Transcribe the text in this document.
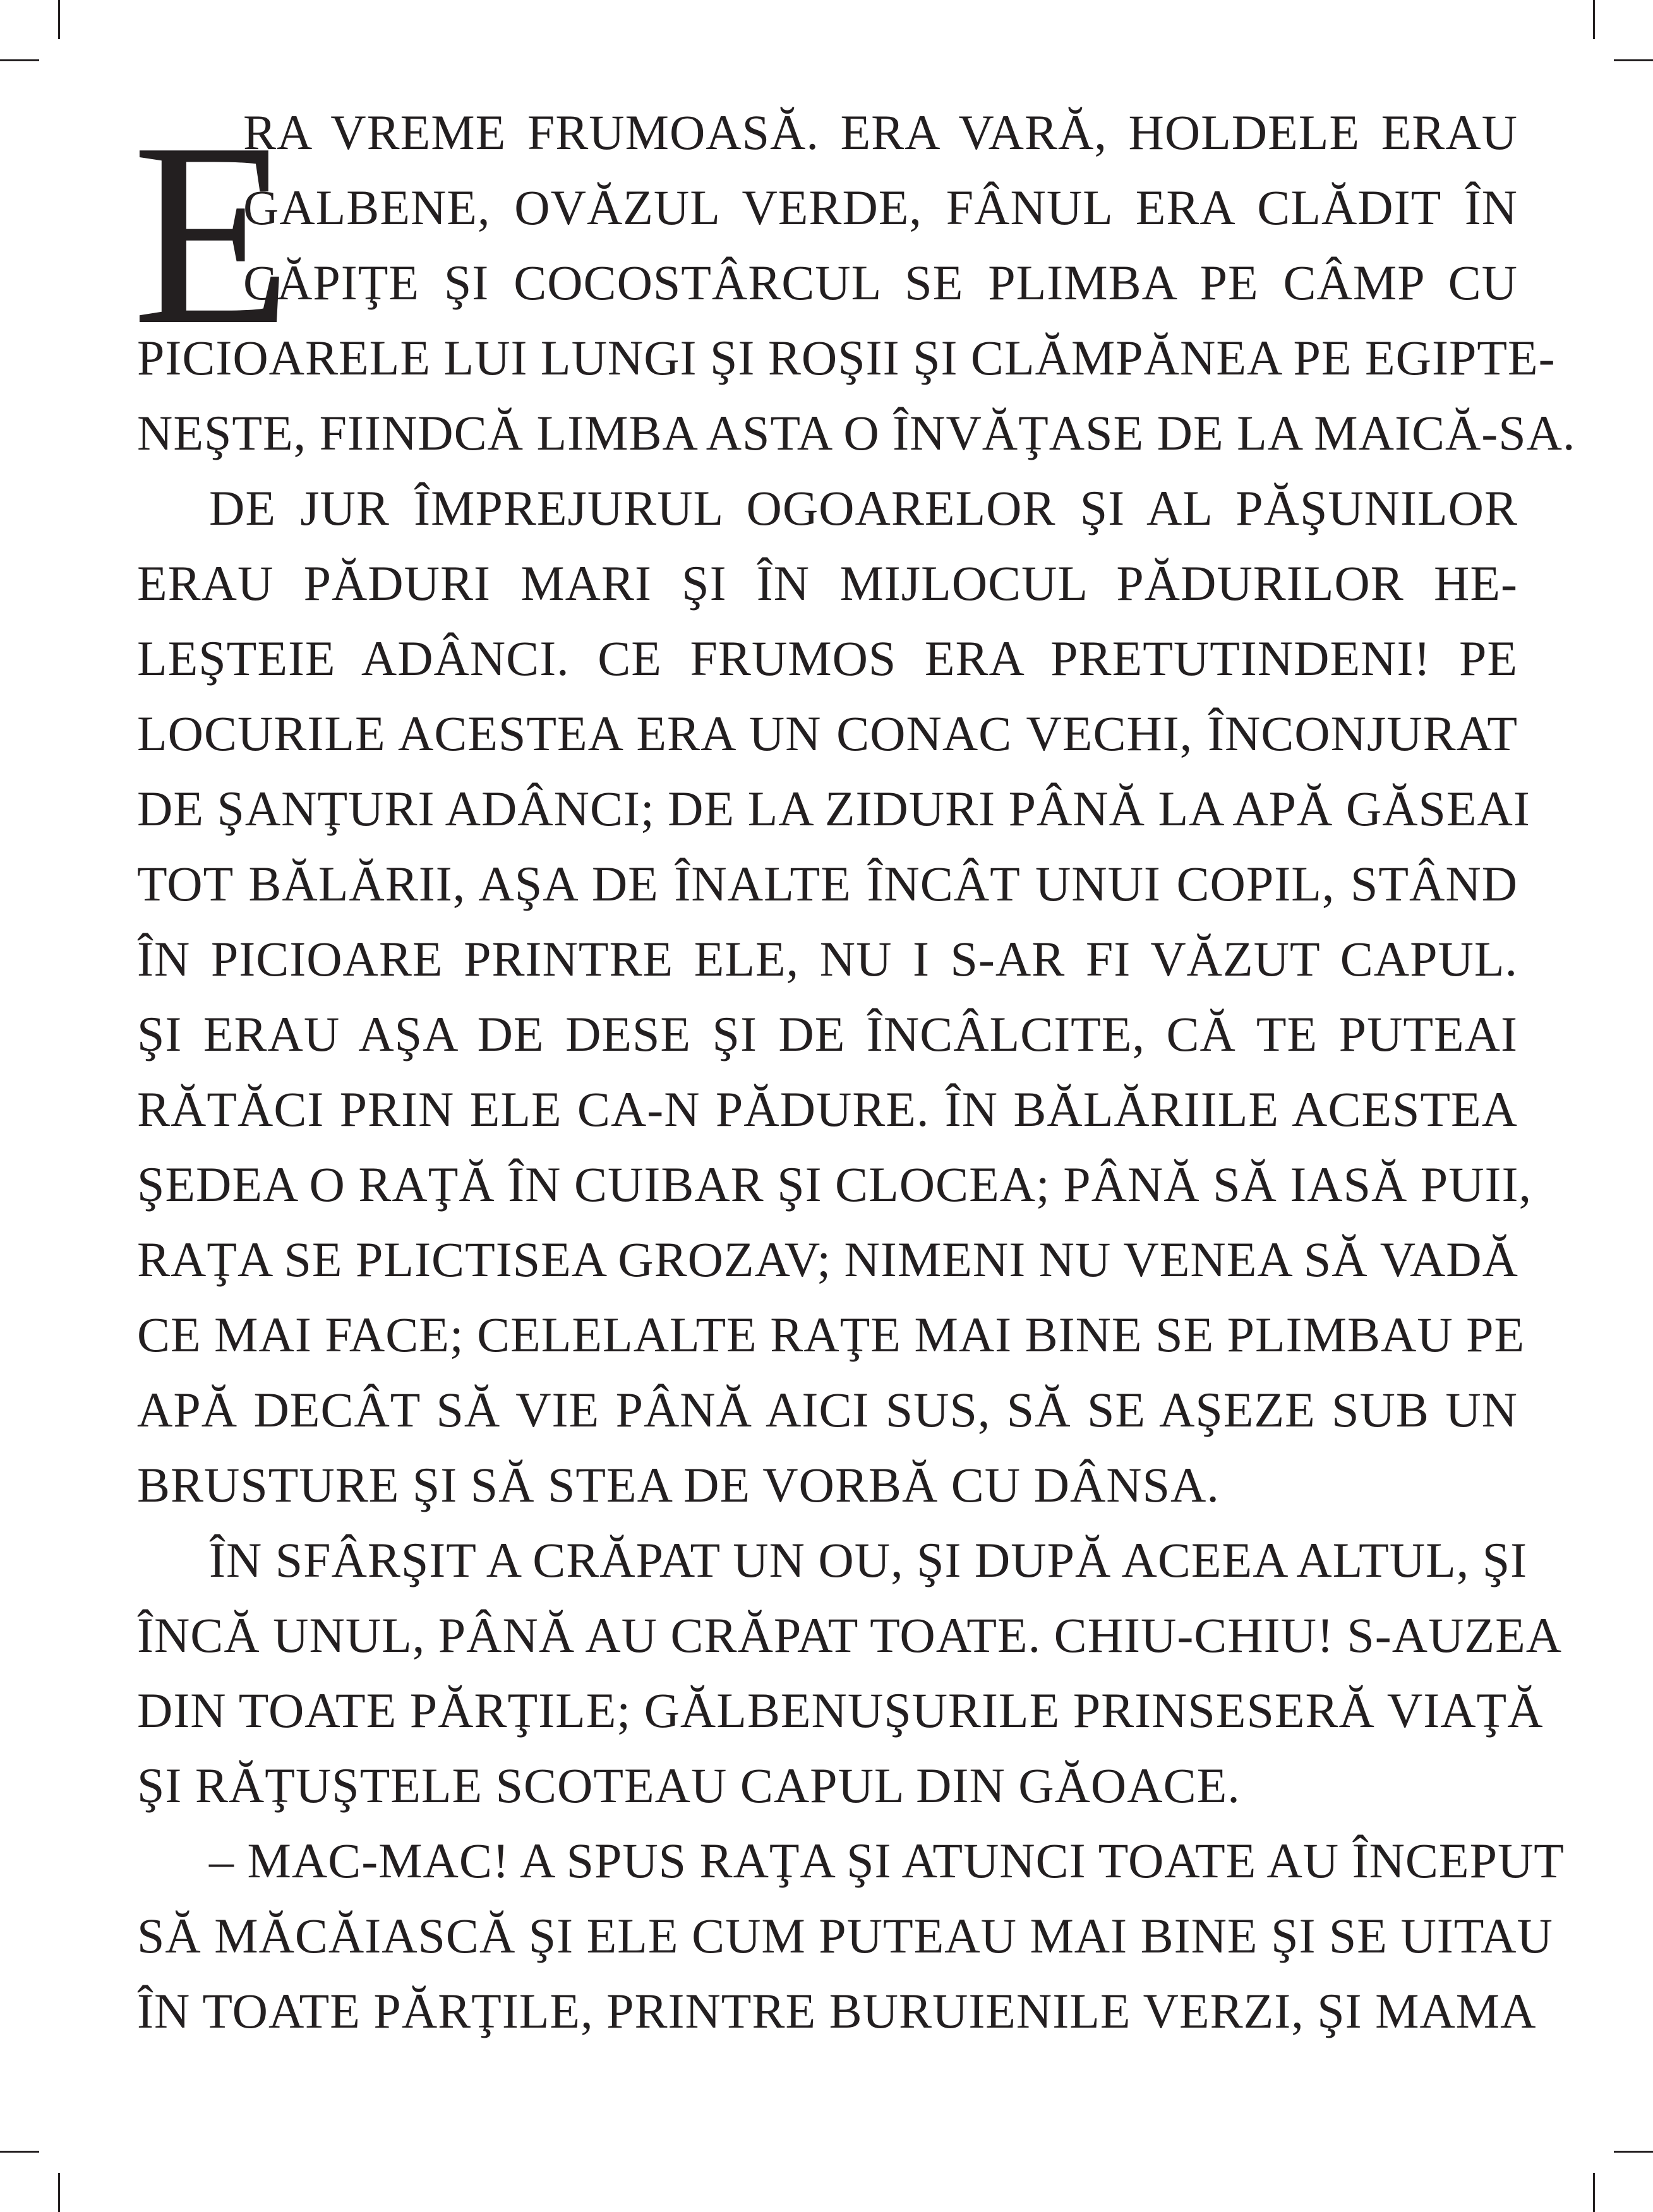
E
RA VREME FRUMOASĂ. ERA VARĂ, HOLDELE ERAU
GALBENE, OVĂZUL VERDE, FÂNUL ERA CLĂDIT ÎN
CĂPIŢE ŞI COCOSTÂRCUL SE PLIMBA PE CÂMP CU
PICIOARELE LUI LUNGI ŞI ROŞII ŞI CLĂMPĂNEA PE EGIPTE-
NEŞTE, FIINDCĂ LIMBA ASTA O ÎNVĂŢASE DE LA MAICĂ-SA.
DE JUR ÎMPREJURUL OGOARELOR ŞI AL PĂŞUNILOR
ERAU PĂDURI MARI ŞI ÎN MIJLOCUL PĂDURILOR HE-
LEŞTEIE ADÂNCI. CE FRUMOS ERA PRETUTINDENI! PE
LOCURILE ACESTEA ERA UN CONAC VECHI, ÎNCONJURAT
DE ŞANŢURI ADÂNCI; DE LA ZIDURI PÂNĂ LA APĂ GĂSEAI
TOT BĂLĂRII, AŞA DE ÎNALTE ÎNCÂT UNUI COPIL, STÂND
ÎN PICIOARE PRINTRE ELE, NU I S-AR FI VĂZUT CAPUL.
ŞI ERAU AŞA DE DESE ŞI DE ÎNCÂLCITE, CĂ TE PUTEAI
RĂTĂCI PRIN ELE CA-N PĂDURE. ÎN BĂLĂRIILE ACESTEA
ŞEDEA O RAŢĂ ÎN CUIBAR ŞI CLOCEA; PÂNĂ SĂ IASĂ PUII,
RAŢA SE PLICTISEA GROZAV; NIMENI NU VENEA SĂ VADĂ
CE MAI FACE; CELELALTE RAŢE MAI BINE SE PLIMBAU PE
APĂ DECÂT SĂ VIE PÂNĂ AICI SUS, SĂ SE AŞEZE SUB UN
BRUSTURE ŞI SĂ STEA DE VORBĂ CU DÂNSA.
ÎN SFÂRŞIT A CRĂPAT UN OU, ŞI DUPĂ ACEEA ALTUL, ŞI
ÎNCĂ UNUL, PÂNĂ AU CRĂPAT TOATE. CHIU-CHIU! S-AUZEA
DIN TOATE PĂRŢILE; GĂLBENUŞURILE PRINSESERĂ VIAŢĂ
ŞI RĂŢUŞTELE SCOTEAU CAPUL DIN GĂOACE.
– MAC-MAC! A SPUS RAŢA ŞI ATUNCI TOATE AU ÎNCEPUT
SĂ MĂCĂIASCĂ ŞI ELE CUM PUTEAU MAI BINE ŞI SE UITAU
ÎN TOATE PĂRŢILE, PRINTRE BURUIENILE VERZI, ŞI MAMA
